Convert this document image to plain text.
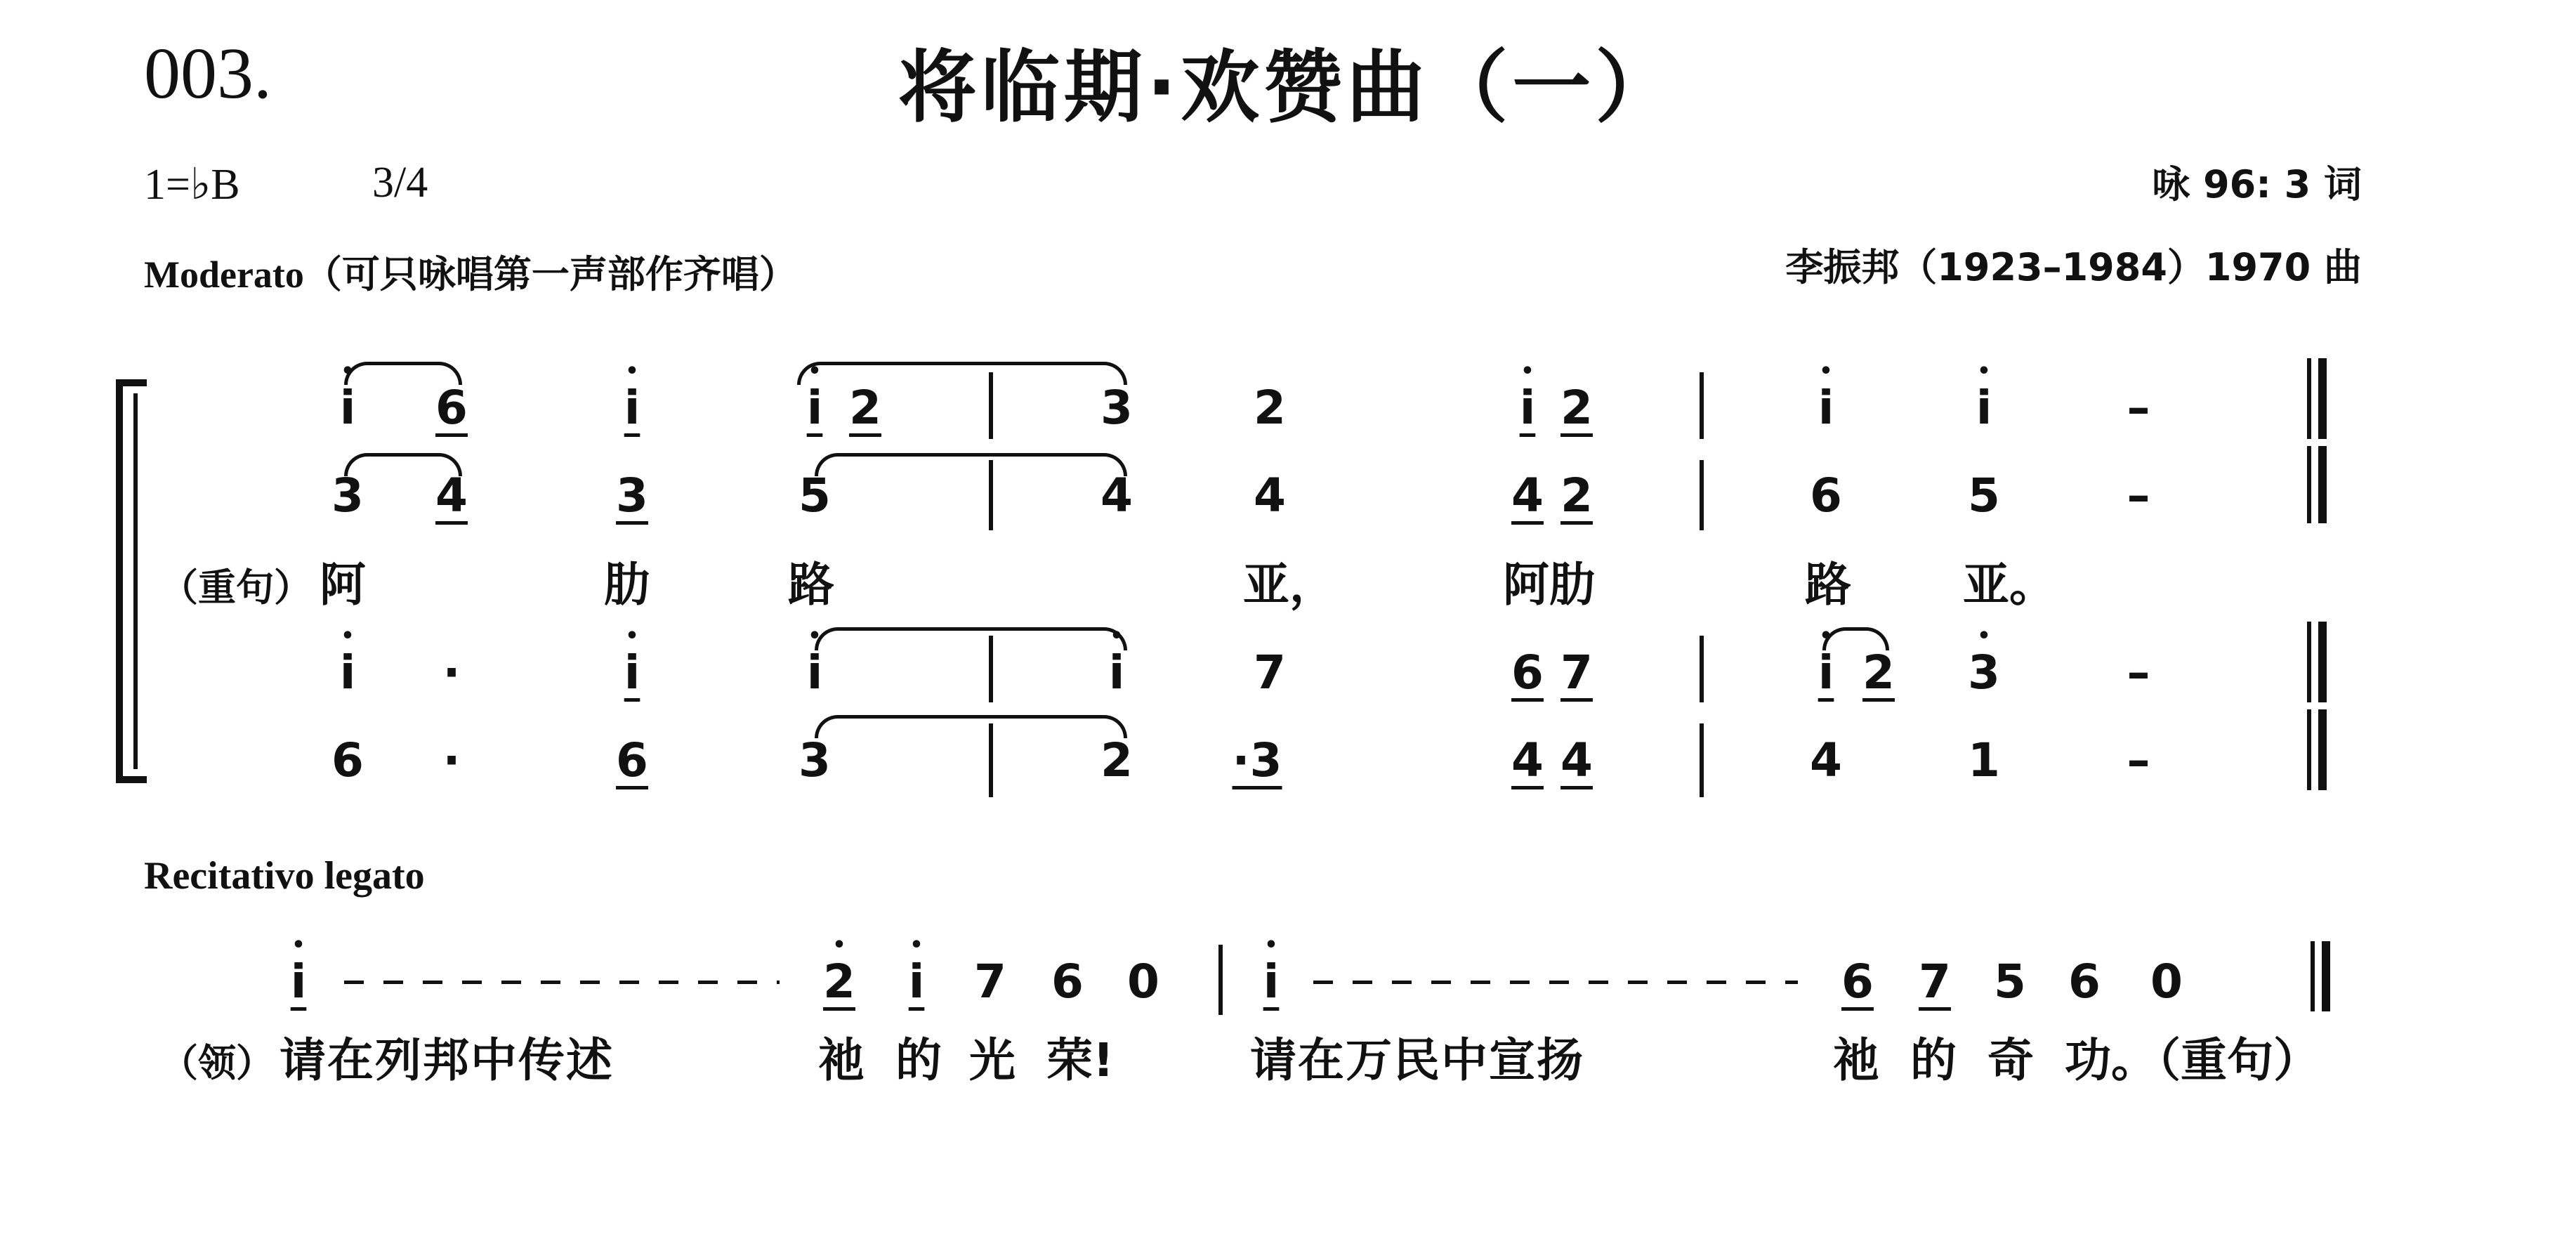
003.	将临期·欢赞曲（一）
1=♭B	3/4	咏 96: 3 词
Moderato（可只咏唱第一声部作齐唱）	李振邦（1923–1984）1970 曲
• i 6	• i	• i 2	3	2	• i 2	• i	• i	–
3 4	3	5	4	4	4 2	6	5	–
（重句） 阿	肋	路	亚，	阿肋	路 亚。
• i ·	• i	• i	• i	7	6 7	• i 2 • 3	–
6 ·	6	3	2 ·3	4 4	4	1	–
Recitativo legato
• i	• 2 • i 7 6 0 • i	6 7 5 6 0
（领） 请在列邦中传述	祂 的 光 荣!	请在万民中宣扬	祂 的 奇 功。（重句）
